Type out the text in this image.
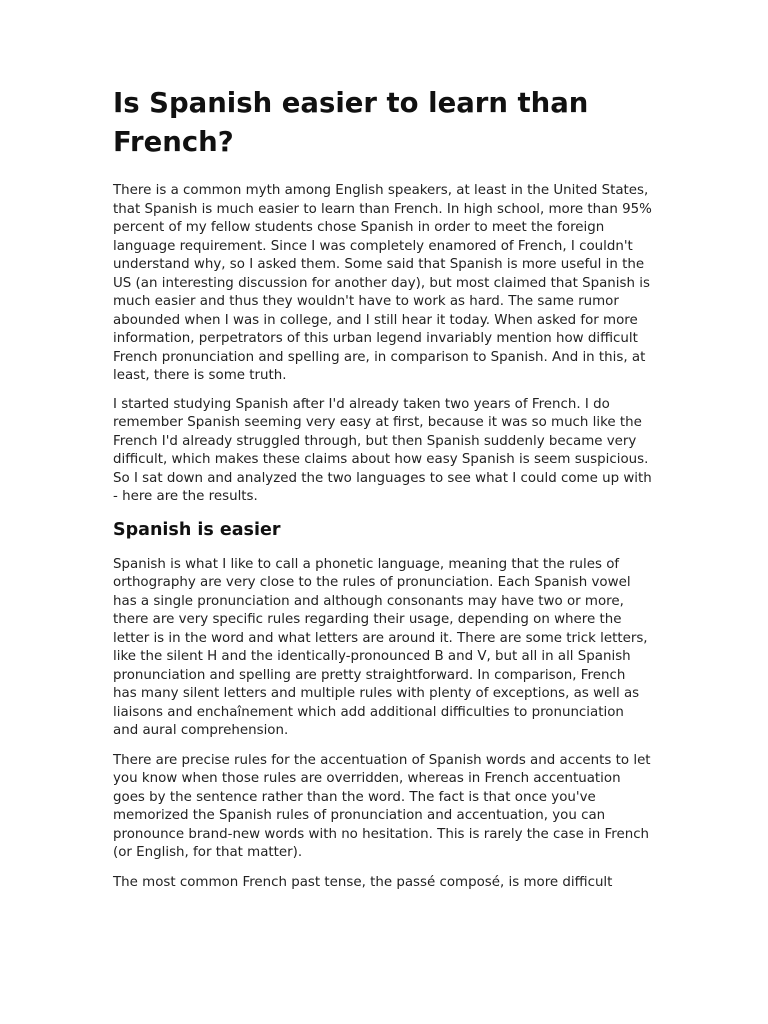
Is Spanish easier to learn than French?

There is a common myth among English speakers, at least in the United States, that Spanish is much easier to learn than French. In high school, more than 95% percent of my fellow students chose Spanish in order to meet the foreign language requirement. Since I was completely enamored of French, I couldn't understand why, so I asked them. Some said that Spanish is more useful in the US (an interesting discussion for another day), but most claimed that Spanish is much easier and thus they wouldn't have to work as hard. The same rumor abounded when I was in college, and I still hear it today. When asked for more information, perpetrators of this urban legend invariably mention how difficult French pronunciation and spelling are, in comparison to Spanish. And in this, at least, there is some truth.

I started studying Spanish after I'd already taken two years of French. I do remember Spanish seeming very easy at first, because it was so much like the French I'd already struggled through, but then Spanish suddenly became very difficult, which makes these claims about how easy Spanish is seem suspicious. So I sat down and analyzed the two languages to see what I could come up with - here are the results.

Spanish is easier

Spanish is what I like to call a phonetic language, meaning that the rules of orthography are very close to the rules of pronunciation. Each Spanish vowel has a single pronunciation and although consonants may have two or more, there are very specific rules regarding their usage, depending on where the letter is in the word and what letters are around it. There are some trick letters, like the silent H and the identically-pronounced B and V, but all in all Spanish pronunciation and spelling are pretty straightforward. In comparison, French has many silent letters and multiple rules with plenty of exceptions, as well as liaisons and enchaînement which add additional difficulties to pronunciation and aural comprehension.

There are precise rules for the accentuation of Spanish words and accents to let you know when those rules are overridden, whereas in French accentuation goes by the sentence rather than the word. The fact is that once you've memorized the Spanish rules of pronunciation and accentuation, you can pronounce brand-new words with no hesitation. This is rarely the case in French (or English, for that matter).

The most common French past tense, the passé composé, is more difficult
